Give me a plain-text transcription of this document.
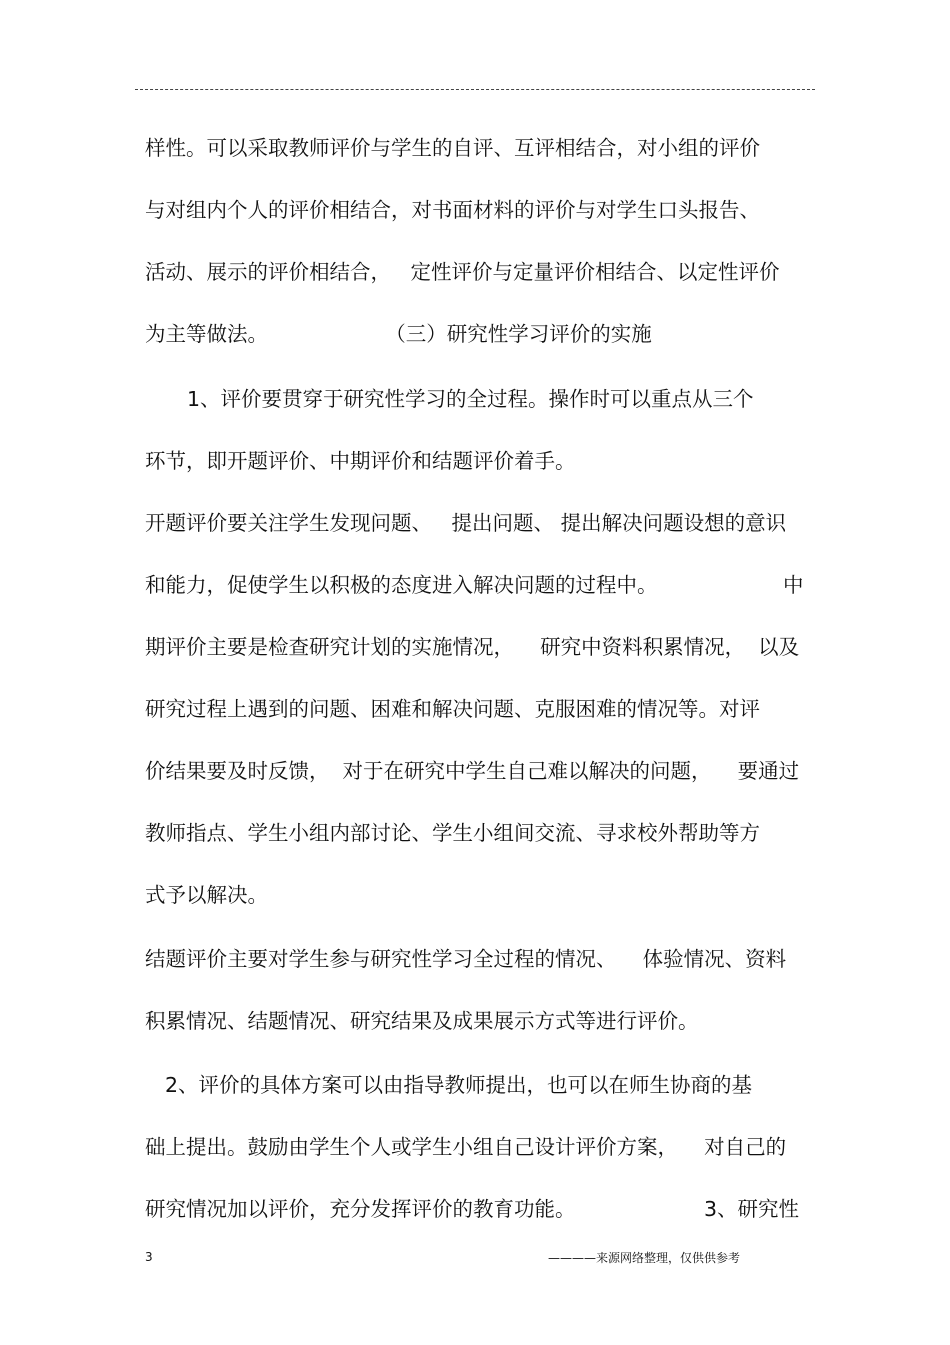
样性。可以采取教师评价与学生的自评、互评相结合，对小组的评价
与对组内个人的评价相结合，对书面材料的评价与对学生口头报告、
活动、展示的评价相结合，   定性评价与定量评价相结合、以定性评价
为主等做法。                  （三）研究性学习评价的实施
1、评价要贯穿于研究性学习的全过程。操作时可以重点从三个
环节，即开题评价、中期评价和结题评价着手。
开题评价要关注学生发现问题、   提出问题、 提出解决问题设想的意识
和能力，促使学生以积极的态度进入解决问题的过程中。	中
期评价主要是检查研究计划的实施情况，    研究中资料积累情况，  以及
研究过程上遇到的问题、困难和解决问题、克服困难的情况等。对评
价结果要及时反馈，  对于在研究中学生自己难以解决的问题，    要通过
教师指点、学生小组内部讨论、学生小组间交流、寻求校外帮助等方
式予以解决。
结题评价主要对学生参与研究性学习全过程的情况、    体验情况、资料
积累情况、结题情况、研究结果及成果展示方式等进行评价。
2、评价的具体方案可以由指导教师提出，也可以在师生协商的基
础上提出。鼓励由学生个人或学生小组自己设计评价方案，    对自己的
研究情况加以评价，充分发挥评价的教育功能。	3、研究性
3	————来源网络整理，仅供供参考
